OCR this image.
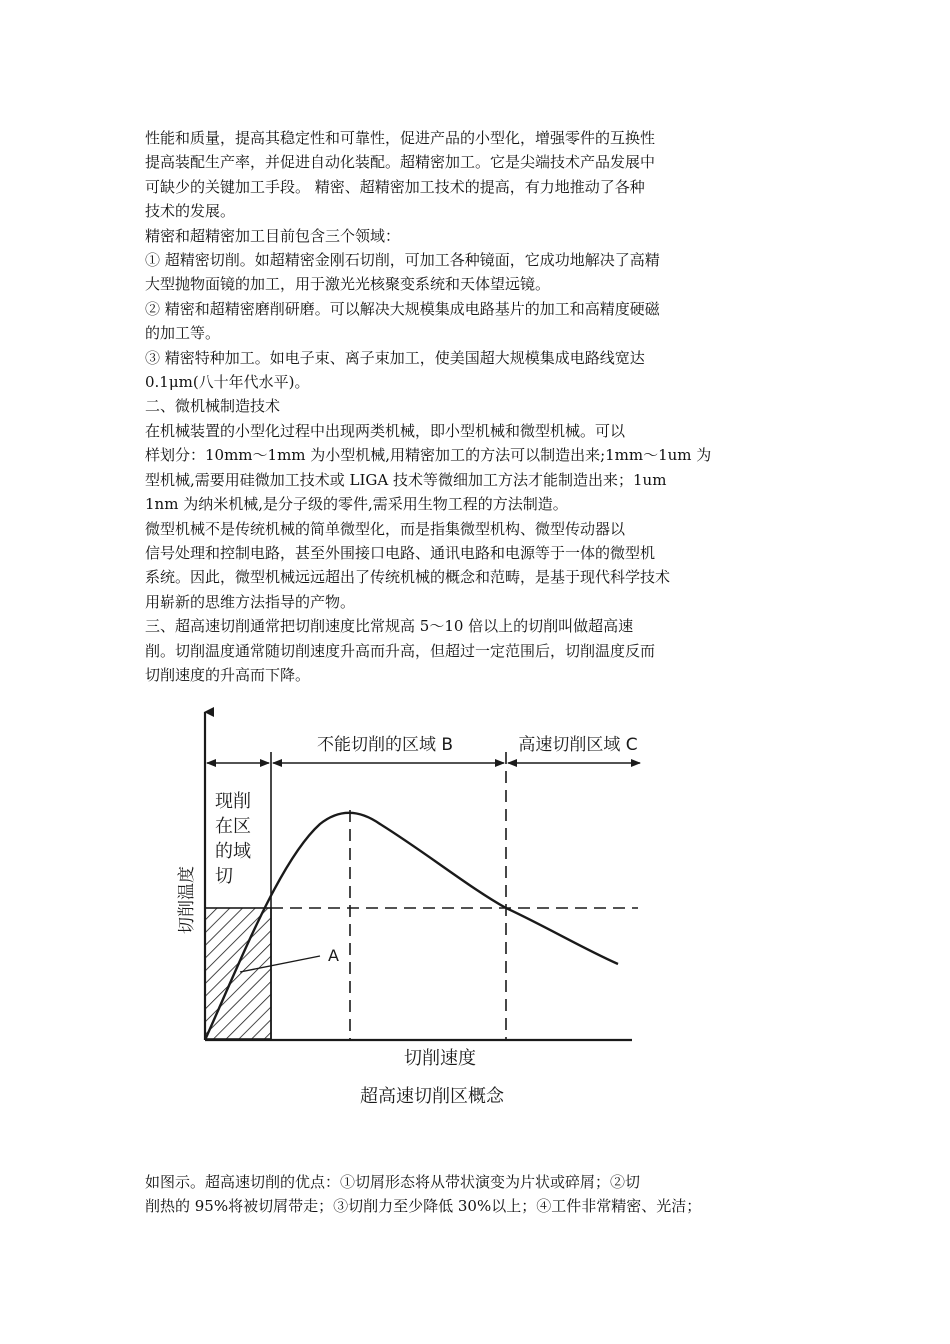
性能和质量，提高其稳定性和可靠性，促进产品的小型化，增强零件的互换性
提高装配生产率，并促进自动化装配。超精密加工。它是尖端技术产品发展中
可缺少的关键加工手段。 精密、超精密加工技术的提高，有力地推动了各种
技术的发展。
精密和超精密加工目前包含三个领域：
① 超精密切削。如超精密金刚石切削，可加工各种镜面，它成功地解决了高精
大型抛物面镜的加工，用于激光光核聚变系统和天体望远镜。
② 精密和超精密磨削研磨。可以解决大规模集成电路基片的加工和高精度硬磁
的加工等。
③ 精密特种加工。如电子束、离子束加工，使美国超大规模集成电路线宽达
0.1μm(八十年代水平)。
二、微机械制造技术
在机械装置的小型化过程中出现两类机械，即小型机械和微型机械。可以
样划分：10mm～1mm 为小型机械,用精密加工的方法可以制造出来;1mm～1um 为
型机械,需要用硅微加工技术或 LIGA 技术等微细加工方法才能制造出来；1um
1nm 为纳米机械,是分子级的零件,需采用生物工程的方法制造。
微型机械不是传统机械的简单微型化，而是指集微型机构、微型传动器以
信号处理和控制电路，甚至外围接口电路、通讯电路和电源等于一体的微型机
系统。因此，微型机械远远超出了传统机械的概念和范畴，是基于现代科学技术
用崭新的思维方法指导的产物。
三、超高速切削通常把切削速度比常规高 5～10 倍以上的切削叫做超高速
削。切削温度通常随切削速度升高而升高，但超过一定范围后，切削温度反而
切削速度的升高而下降。
不能切削的区域 B	高速切削区域 C
现削
在区
的域
切
切削温度
A
切削速度
超高速切削区概念
如图示。超高速切削的优点：①切屑形态将从带状演变为片状或碎屑；②切
削热的 95%将被切屑带走；③切削力至少降低 30%以上；④工件非常精密、光洁；
